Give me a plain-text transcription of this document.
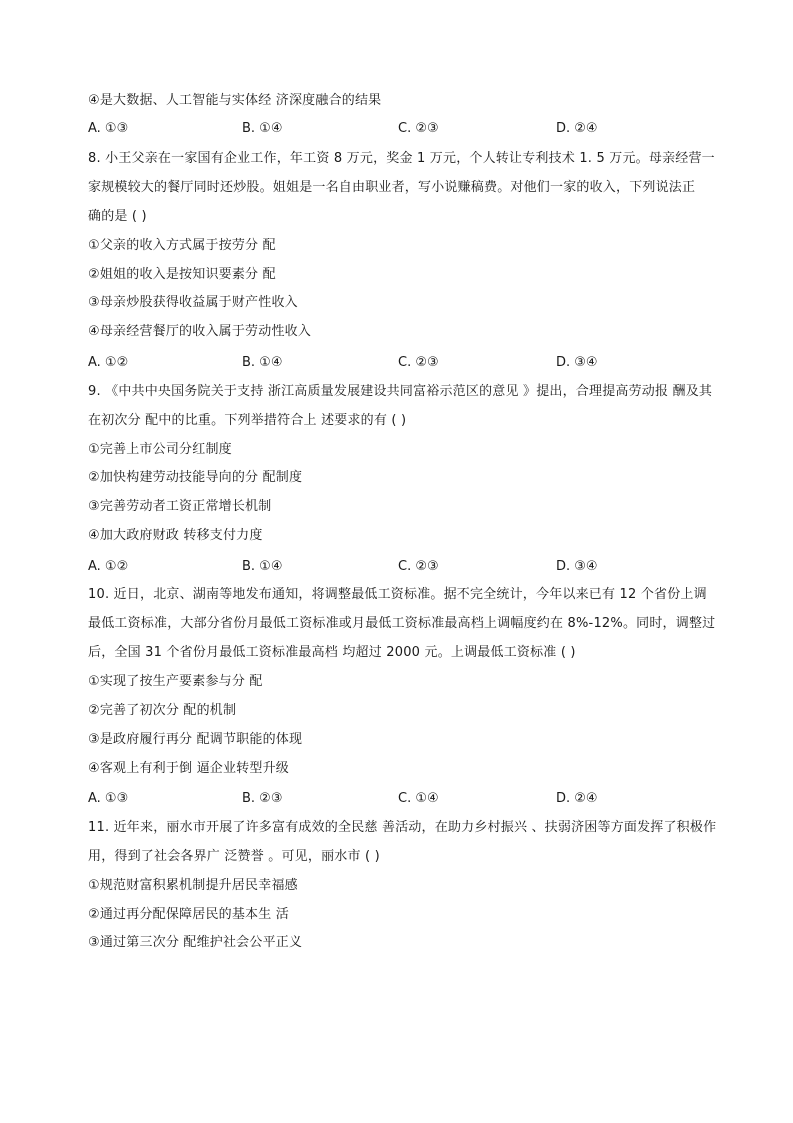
④是大数据、人工智能与实体经 济深度融合的结果
A. ①③	B. ①④	C. ②③	D. ②④
8. 小王父亲在一家国有企业工作，年工资 8 万元，奖金 1 万元，个人转让专利技术 1. 5 万元。母亲经营一
家规模较大的餐厅同时还炒股。姐姐是一名自由职业者，写小说赚稿费。对他们一家的收入，下列说法正
确的是 ( )
①父亲的收入方式属于按劳分 配
②姐姐的收入是按知识要素分 配
③母亲炒股获得收益属于财产性收入
④母亲经营餐厅的收入属于劳动性收入
A. ①②	B. ①④	C. ②③	D. ③④
9. 《中共中央国务院关于支持 浙江高质量发展建设共同富裕示范区的意见 》提出，合理提高劳动报 酬及其
在初次分 配中的比重。下列举措符合上 述要求的有 ( )
①完善上市公司分红制度
②加快构建劳动技能导向的分 配制度
③完善劳动者工资正常增长机制
④加大政府财政 转移支付力度
A. ①②	B. ①④	C. ②③	D. ③④
10. 近日，北京、湖南等地发布通知，将调整最低工资标准。据不完全统计，今年以来已有 12 个省份上调
最低工资标准，大部分省份月最低工资标准或月最低工资标准最高档上调幅度约在 8%-12%。同时，调整过
后，全国 31 个省份月最低工资标准最高档 均超过 2000 元。上调最低工资标准 ( )
①实现了按生产要素参与分 配
②完善了初次分 配的机制
③是政府履行再分 配调节职能的体现
④客观上有利于倒 逼企业转型升级
A. ①③	B. ②③	C. ①④	D. ②④
11. 近年来，丽水市开展了许多富有成效的全民慈 善活动，在助力乡村振兴 、扶弱济困等方面发挥了积极作
用，得到了社会各界广 泛赞誉 。可见，丽水市 ( )
①规范财富积累机制提升居民幸福感
②通过再分配保障居民的基本生 活
③通过第三次分 配维护社会公平正义
